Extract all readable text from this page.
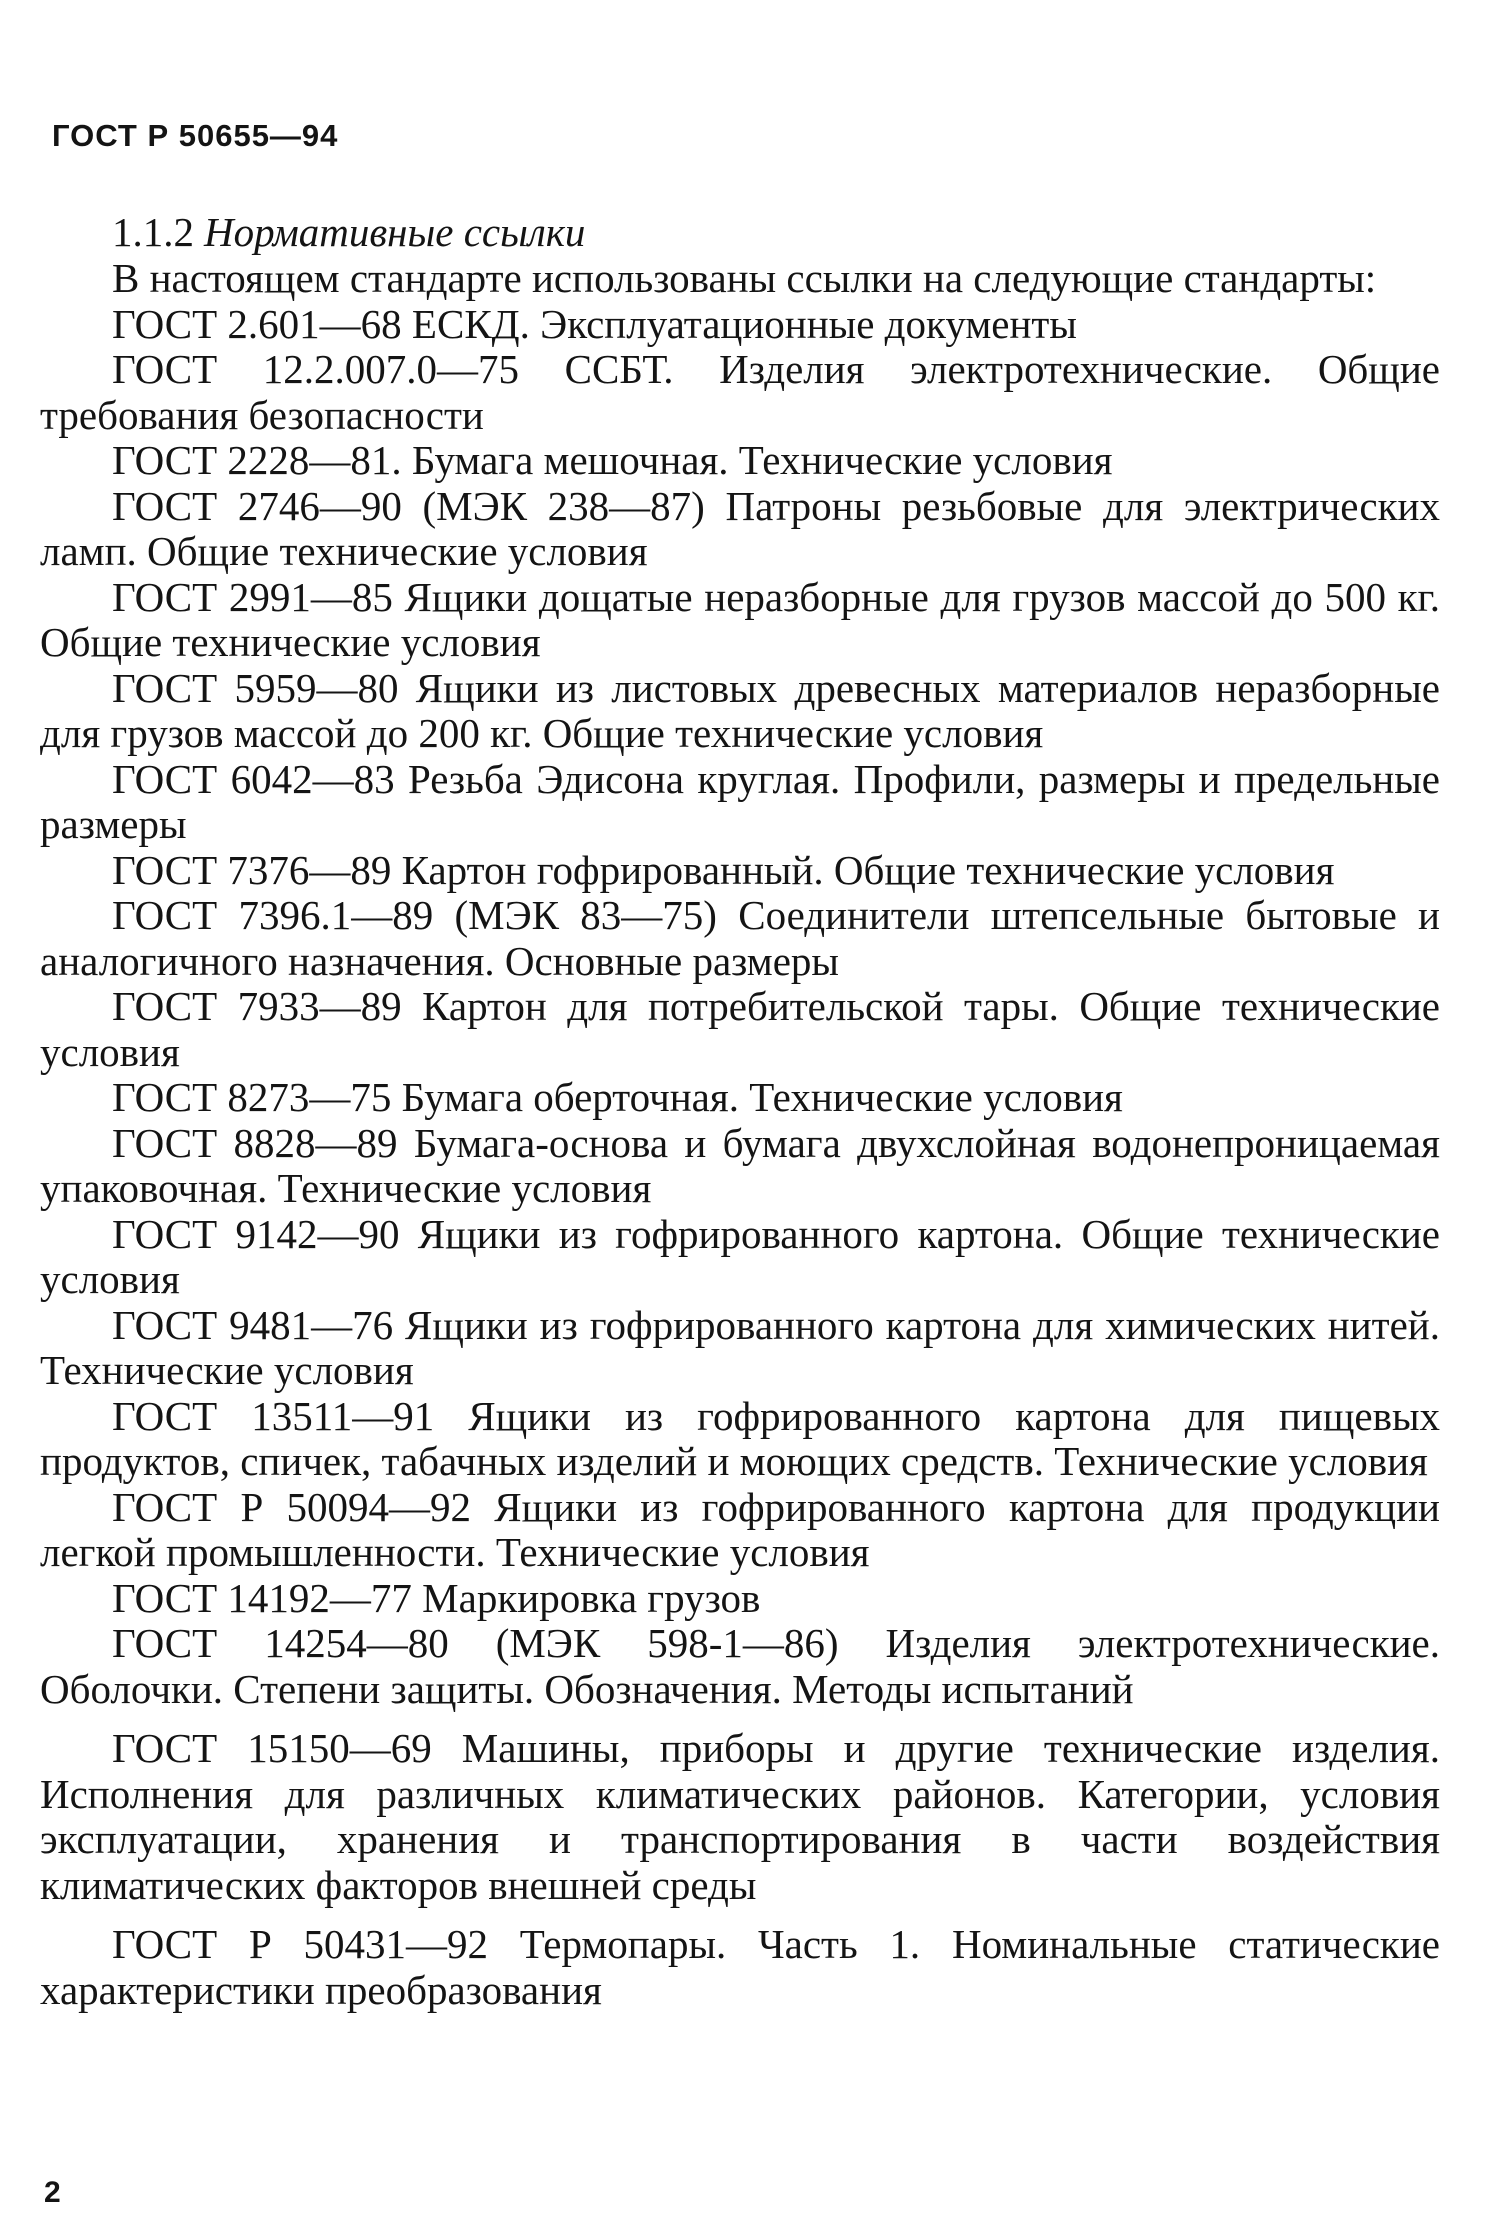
ГОСТ Р 50655—94
1.1.2 Нормативные ссылки

В настоящем стандарте использованы ссылки на следующие стандарты:

ГОСТ 2.601—68 ЕСКД. Эксплуатационные документы

ГОСТ 12.2.007.0—75 ССБТ. Изделия электротехнические. Общие требования безопасности

ГОСТ 2228—81. Бумага мешочная. Технические условия

ГОСТ 2746—90 (МЭК 238—87) Патроны резьбовые для электрических ламп. Общие технические условия

ГОСТ 2991—85 Ящики дощатые неразборные для грузов массой до 500 кг. Общие технические условия

ГОСТ 5959—80 Ящики из листовых древесных материалов неразборные для грузов массой до 200 кг. Общие технические условия

ГОСТ 6042—83 Резьба Эдисона круглая. Профили, размеры и предельные размеры

ГОСТ 7376—89 Картон гофрированный. Общие технические условия

ГОСТ 7396.1—89 (МЭК 83—75) Соединители штепсельные бытовые и аналогичного назначения. Основные размеры

ГОСТ 7933—89 Картон для потребительской тары. Общие технические условия

ГОСТ 8273—75 Бумага оберточная. Технические условия

ГОСТ 8828—89 Бумага-основа и бумага двухслойная водонепроницаемая упаковочная. Технические условия

ГОСТ 9142—90 Ящики из гофрированного картона. Общие технические условия

ГОСТ 9481—76 Ящики из гофрированного картона для химических нитей. Технические условия

ГОСТ 13511—91 Ящики из гофрированного картона для пищевых продуктов, спичек, табачных изделий и моющих средств. Технические условия

ГОСТ Р 50094—92 Ящики из гофрированного картона для продукции легкой промышленности. Технические условия

ГОСТ 14192—77 Маркировка грузов

ГОСТ 14254—80 (МЭК 598-1—86) Изделия электротехнические. Оболочки. Степени защиты. Обозначения. Методы испытаний

ГОСТ 15150—69 Машины, приборы и другие технические изделия. Исполнения для различных климатических районов. Категории, условия эксплуатации, хранения и транспортирования в части воздействия климатических факторов внешней среды

ГОСТ Р 50431—92 Термопары. Часть 1. Номинальные статические характеристики преобразования

2
